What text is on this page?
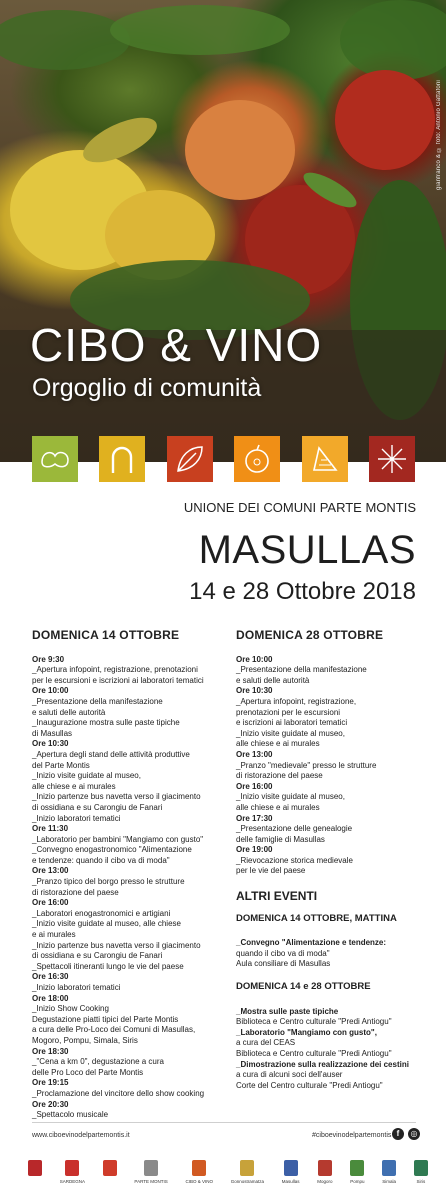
gianfranco & © foto: Antonio Gattafoni
CIBO & VINO
Orgoglio di comunità
UNIONE DEI COMUNI PARTE MONTIS
MASULLAS
14 e 28 Ottobre 2018
DOMENICA 14 OTTOBRE
Ore 9:30
_Apertura infopoint, registrazione, prenotazioni
per le escursioni e iscrizioni ai laboratori tematici
Ore 10:00
_Presentazione della manifestazione
e saluti delle autorità
_Inaugurazione mostra sulle paste tipiche
di Masullas
Ore 10:30
_Apertura degli stand delle attività produttive
del Parte Montis
_Inizio visite guidate al museo,
alle chiese e ai murales
_Inizio partenze bus navetta verso il giacimento
di ossidiana e su Carongiu de Fanari
_Inizio laboratori tematici
Ore 11:30
_Laboratorio per bambini "Mangiamo con gusto"
_Convegno enogastronomico "Alimentazione
e tendenze: quando il cibo va di moda"
Ore 13:00
_Pranzo tipico del borgo presso le strutture
di ristorazione del paese
Ore 16:00
_Laboratori enogastronomici e artigiani
_Inizio visite guidate al museo, alle chiese
e ai murales
_Inizio partenze bus navetta verso il giacimento
di ossidiana e su Carongiu de Fanari
_Spettacoli itineranti lungo le vie del paese
Ore 16:30
_Inizio laboratori tematici
Ore 18:00
_Inizio Show Cooking
Degustazione piatti tipici del Parte Montis
a cura delle Pro-Loco dei Comuni di Masullas,
Mogoro, Pompu, Simala, Siris
Ore 18:30
_"Cena a km 0", degustazione a cura
delle Pro Loco del Parte Montis
Ore 19:15
_Proclamazione del vincitore dello show cooking
Ore 20:30
_Spettacolo musicale
DOMENICA 28 OTTOBRE
Ore 10:00
_Presentazione della manifestazione
e saluti delle autorità
Ore 10:30
_Apertura infopoint, registrazione,
prenotazioni per le escursioni
e iscrizioni ai laboratori tematici
_Inizio visite guidate al museo,
alle chiese e ai murales
Ore 13:00
_Pranzo "medievale" presso le strutture
di ristorazione del paese
Ore 16:00
_Inizio visite guidate al museo,
alle chiese e ai murales
Ore 17:30
_Presentazione delle genealogie
delle famiglie di Masullas
Ore 19:00
_Rievocazione storica medievale
per le vie del paese
ALTRI EVENTI
DOMENICA 14 OTTOBRE, MATTINA
_Convegno "Alimentazione e tendenze:
quando il cibo va di moda"
Aula consiliare di Masullas
DOMENICA 14 e 28 OTTOBRE
_Mostra sulle paste tipiche
Biblioteca e Centro culturale "Predi Antiogu"
_Laboratorio "Mangiamo con gusto",
a cura del CEAS
Biblioteca e Centro culturale "Predi Antiogu"
_Dimostrazione sulla realizzazione dei cestini
a cura di alcuni soci dell'auser
Corte del Centro culturale "Predi Antiogu"
www.ciboevinodelpartemontis.it	#ciboevinodelpartemontis f	◎
SARDEGNA	PARTE MONTIS	CIBO & VINO	Gonnostramatza	Masullas	Mogoro	Pompu	Simala	Siris
